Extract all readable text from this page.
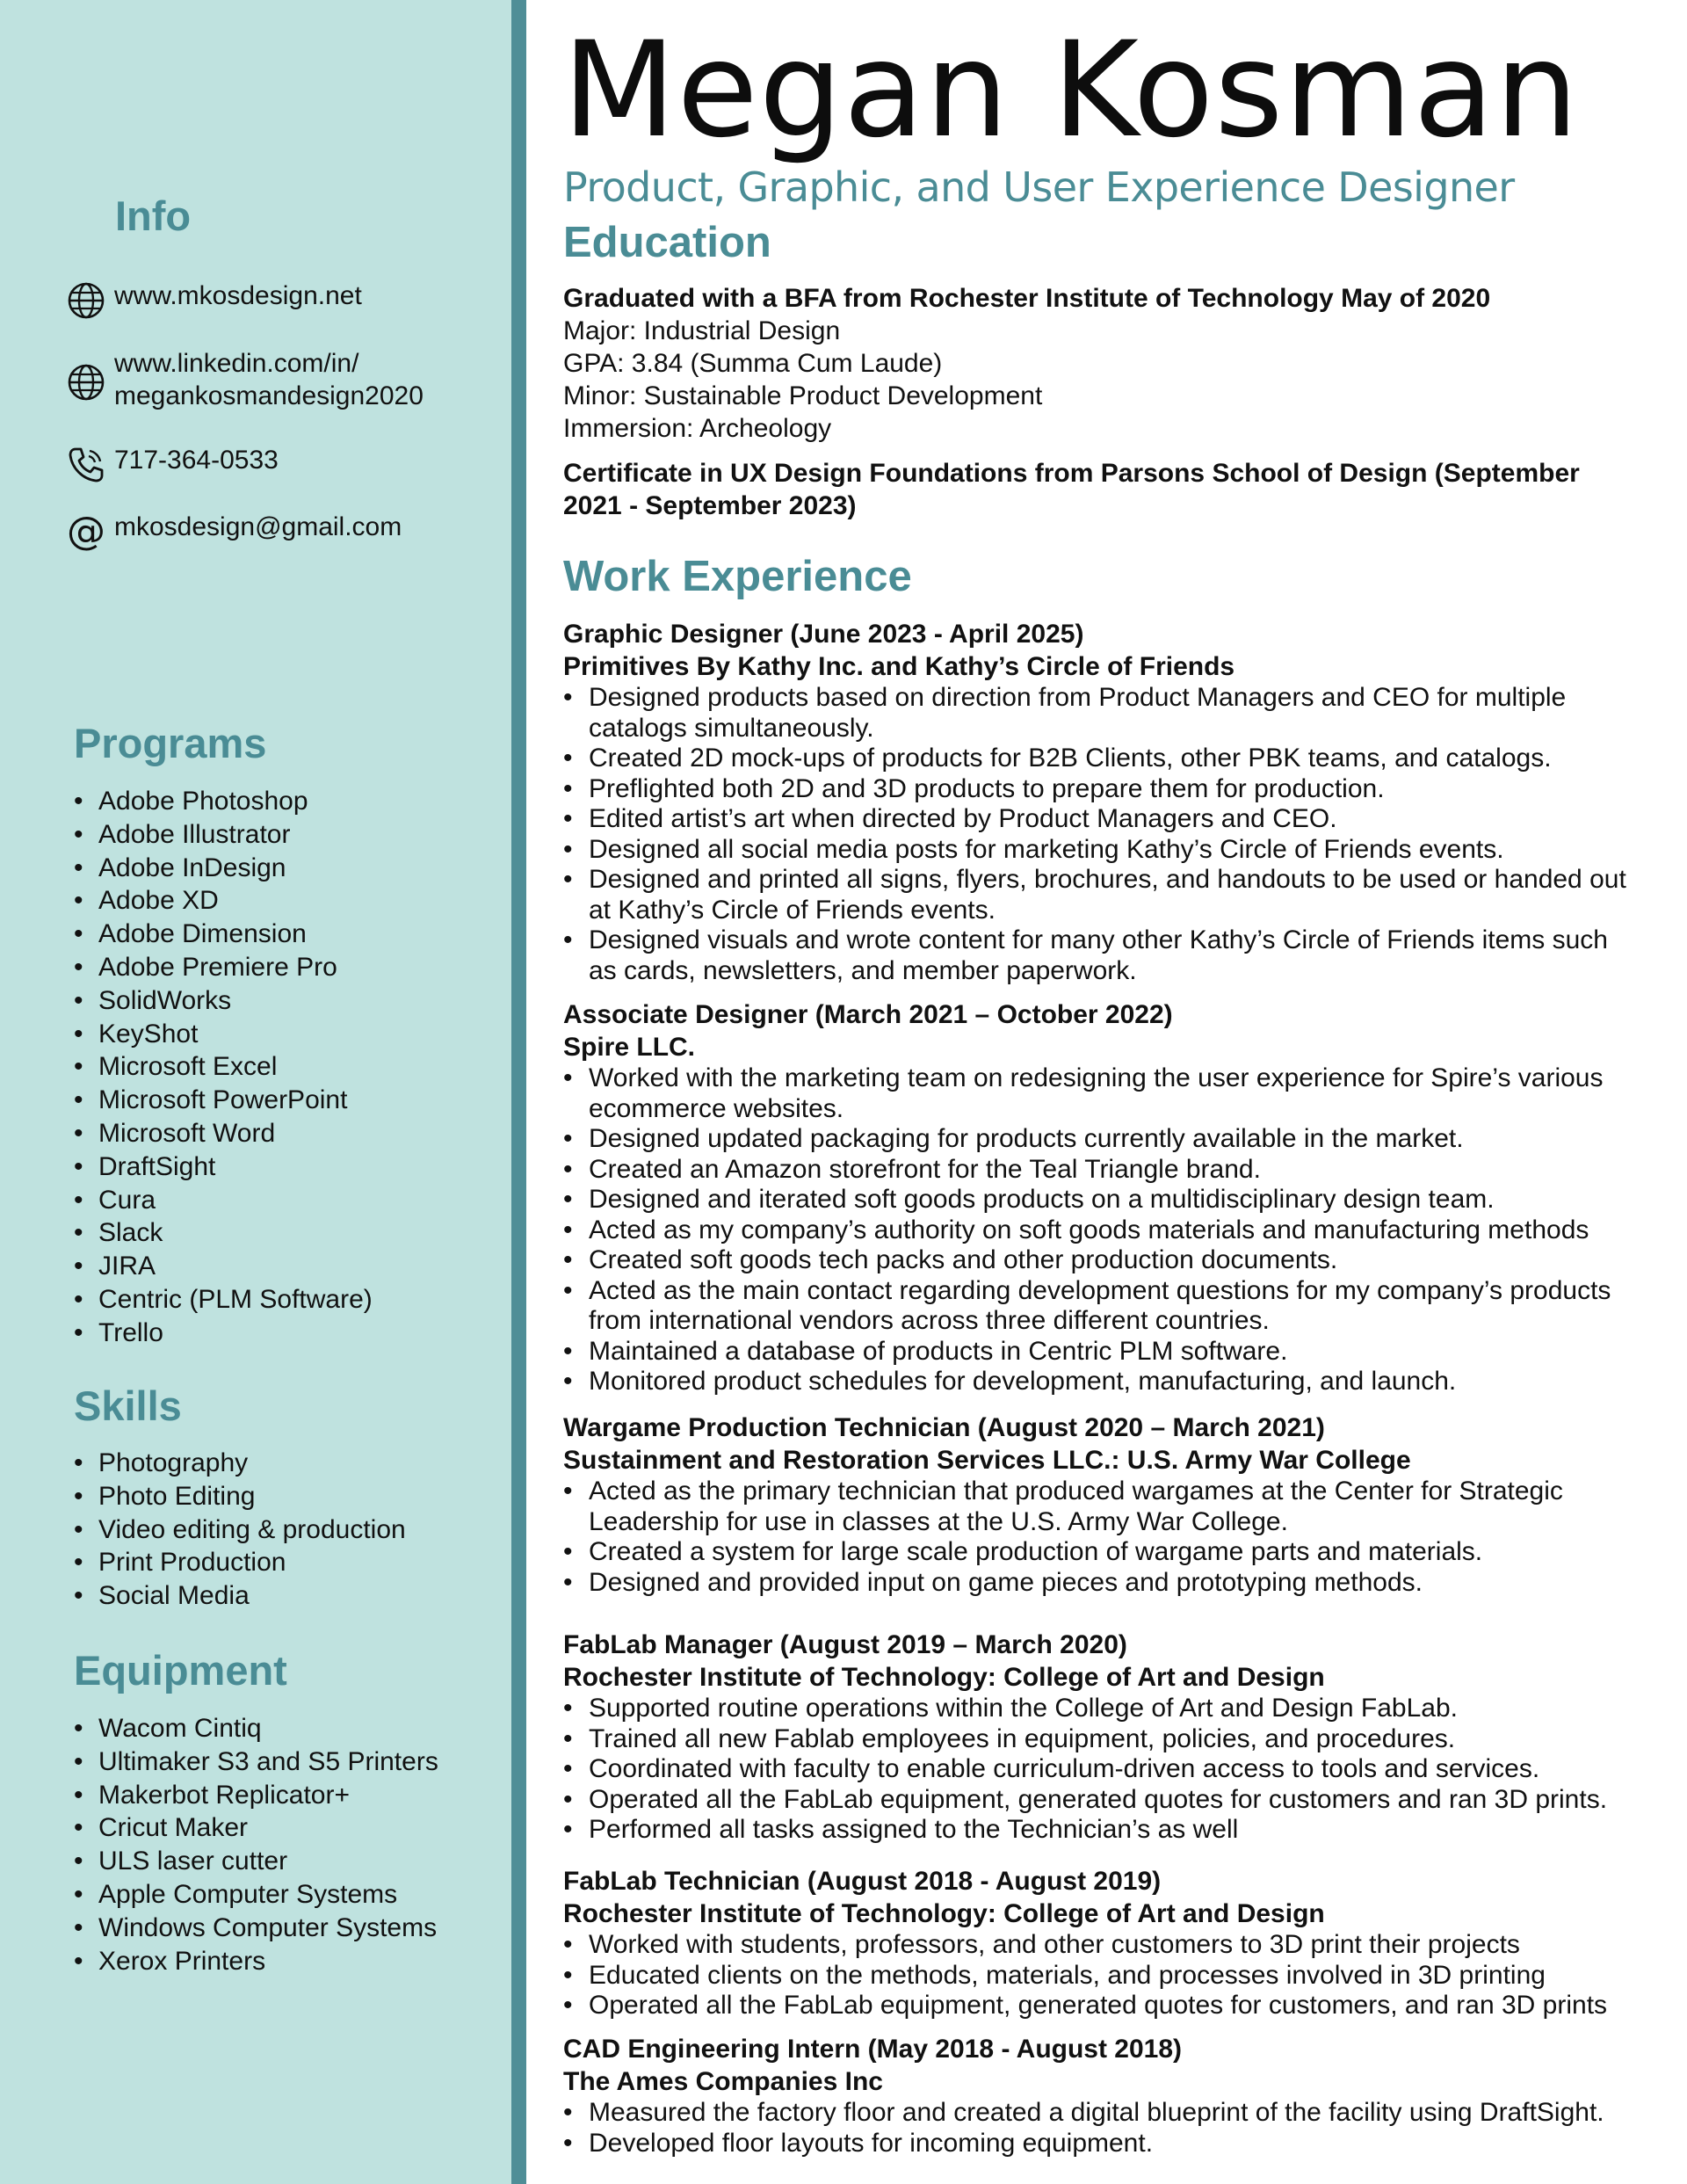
Info
www.mkosdesign.net
www.linkedin.com/in/
megankosmandesign2020
717-364-0533
@ mkosdesign@gmail.com
Programs
• Adobe Photoshop
• Adobe Illustrator
• Adobe InDesign
• Adobe XD
• Adobe Dimension
• Adobe Premiere Pro
• SolidWorks
• KeyShot
• Microsoft Excel
• Microsoft PowerPoint
• Microsoft Word
• DraftSight
• Cura
• Slack
• JIRA
• Centric (PLM Software)
• Trello
Skills
• Photography
• Photo Editing
• Video editing & production
• Print Production
• Social Media
Equipment
• Wacom Cintiq
• Ultimaker S3 and S5 Printers
• Makerbot Replicator+
• Cricut Maker
• ULS laser cutter
• Apple Computer Systems
• Windows Computer Systems
• Xerox Printers
Megan Kosman
Product, Graphic, and User Experience Designer
Education
Graduated with a BFA from Rochester Institute of Technology May of 2020
Major: Industrial Design
GPA: 3.84 (Summa Cum Laude)
Minor: Sustainable Product Development
Immersion: Archeology
Certificate in UX Design Foundations from Parsons School of Design (September 2021 - September 2023)
Work Experience
Graphic Designer (June 2023 - April 2025)
Primitives By Kathy Inc. and Kathy’s Circle of Friends
• Designed products based on direction from Product Managers and CEO for multiple catalogs simultaneously.
• Created 2D mock-ups of products for B2B Clients, other PBK teams, and catalogs.
• Preflighted both 2D and 3D products to prepare them for production.
• Edited artist’s art when directed by Product Managers and CEO.
• Designed all social media posts for marketing Kathy’s Circle of Friends events.
• Designed and printed all signs, flyers, brochures, and handouts to be used or handed out at Kathy’s Circle of Friends events.
• Designed visuals and wrote content for many other Kathy’s Circle of Friends items such as cards, newsletters, and member paperwork.
Associate Designer (March 2021 – October 2022)
Spire LLC.
• Worked with the marketing team on redesigning the user experience for Spire’s various ecommerce websites.
• Designed updated packaging for products currently available in the market.
• Created an Amazon storefront for the Teal Triangle brand.
• Designed and iterated soft goods products on a multidisciplinary design team.
• Acted as my company’s authority on soft goods materials and manufacturing methods
• Created soft goods tech packs and other production documents.
• Acted as the main contact regarding development questions for my company’s products from international vendors across three different countries.
• Maintained a database of products in Centric PLM software.
• Monitored product schedules for development, manufacturing, and launch.
Wargame Production Technician (August 2020 – March 2021)
Sustainment and Restoration Services LLC.: U.S. Army War College
• Acted as the primary technician that produced wargames at the Center for Strategic Leadership for use in classes at the U.S. Army War College.
• Created a system for large scale production of wargame parts and materials.
• Designed and provided input on game pieces and prototyping methods.
FabLab Manager (August 2019 – March 2020)
Rochester Institute of Technology: College of Art and Design
• Supported routine operations within the College of Art and Design FabLab.
• Trained all new Fablab employees in equipment, policies, and procedures.
• Coordinated with faculty to enable curriculum-driven access to tools and services.
• Operated all the FabLab equipment, generated quotes for customers and ran 3D prints.
• Performed all tasks assigned to the Technician’s as well
FabLab Technician (August 2018 - August 2019)
Rochester Institute of Technology: College of Art and Design
• Worked with students, professors, and other customers to 3D print their projects
• Educated clients on the methods, materials, and processes involved in 3D printing
• Operated all the FabLab equipment, generated quotes for customers, and ran 3D prints
CAD Engineering Intern (May 2018 - August 2018)
The Ames Companies Inc
• Measured the factory floor and created a digital blueprint of the facility using DraftSight.
• Developed floor layouts for incoming equipment.
